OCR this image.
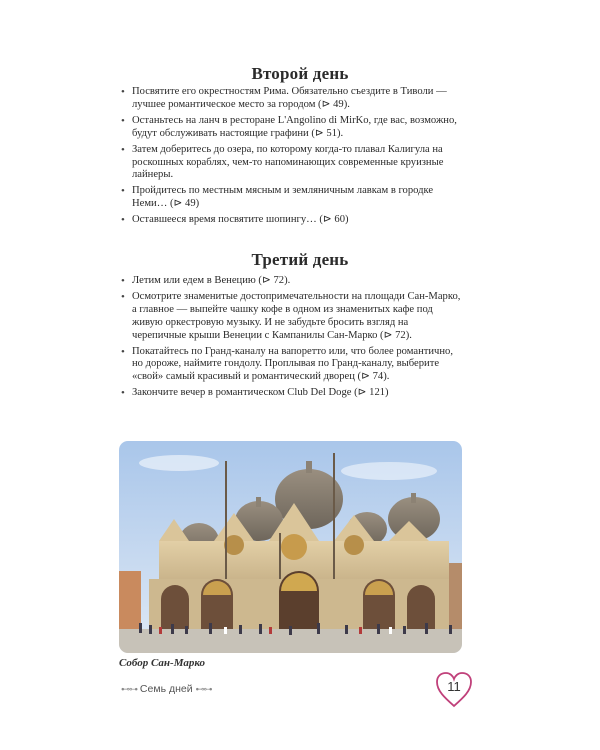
Второй день
• Посвятите его окрестностям Рима. Обязательно съездите в Тиволи — лучшее романтическое место за городом (⊳ 49).
• Останьтесь на ланч в ресторане L'Angolino di MirKo, где вас, возможно, будут обслуживать настоящие графини (⊳ 51).
• Затем доберитесь до озера, по которому когда-то плавал Калигула на роскошных кораблях, чем-то напоминающих современные круизные лайнеры.
• Пройдитесь по местным мясным и земляничным лавкам в городке Неми… (⊳ 49)
• Оставшееся время посвятите шопингу… (⊳ 60)
Третий день
• Летим или едем в Венецию (⊳ 72).
• Осмотрите знаменитые достопримечательности на площади Сан-Марко, а главное — выпейте чашку кофе в одном из знаменитых кафе под живую оркестровую музыку. И не забудьте бросить взгляд на черепичные крыши Венеции с Кампанилы Сан-Марко (⊳ 72).
• Покатайтесь по Гранд-каналу на вапоретто или, что более романтично, но дороже, наймите гондолу. Проплывая по Гранд-каналу, выберите «свой» самый красивый и романтический дворец (⊳ 74).
• Закончите вечер в романтическом Club Del Doge (⊳ 121)
Собор Сан-Марко
⊷⊶ Семь дней ⊷⊶	11
